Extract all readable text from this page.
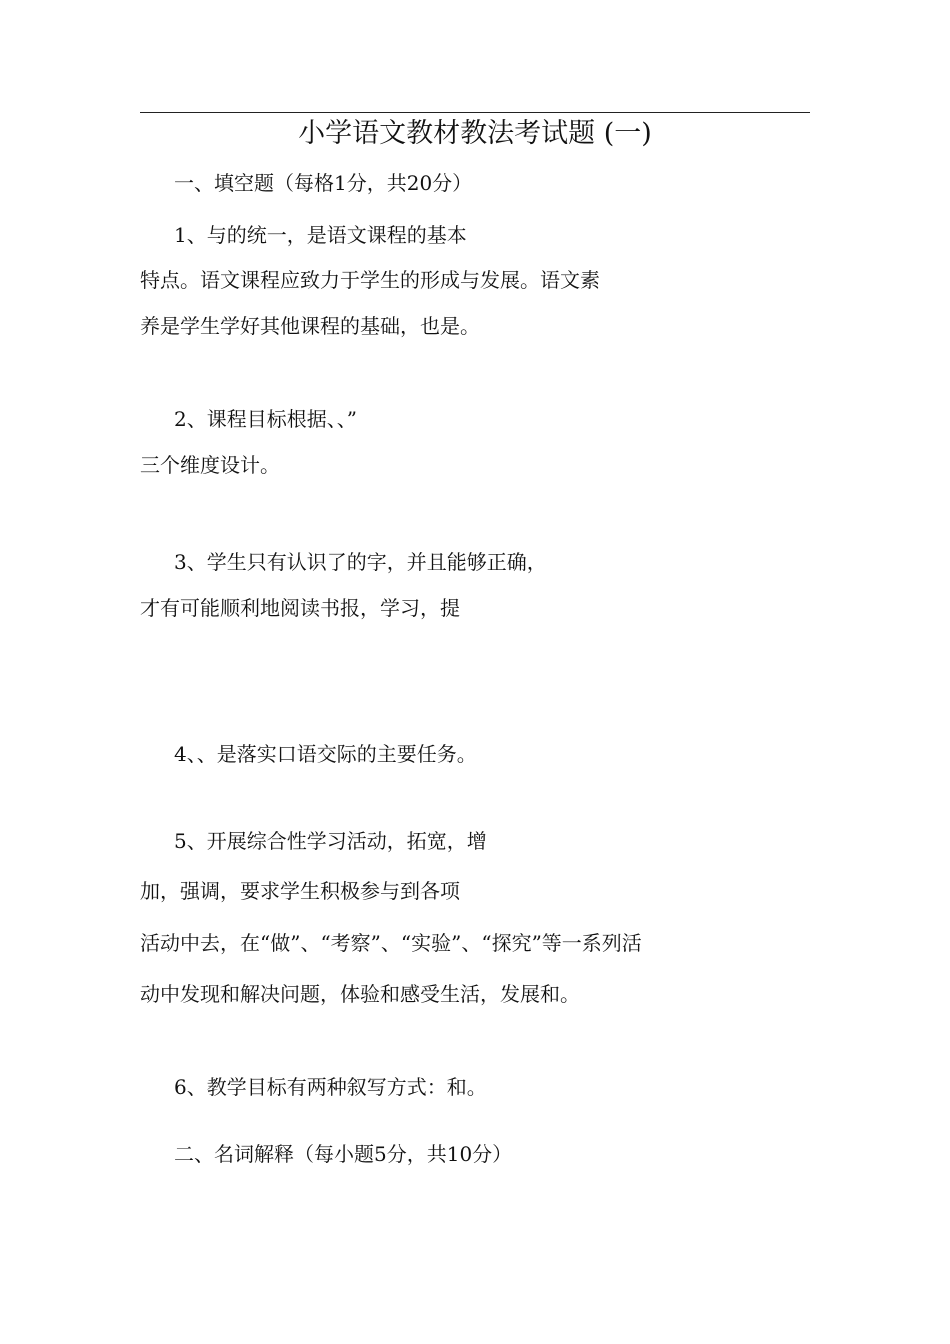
小学语文教材教法考试题 (一)
一、填空题（每格1分，共20分）
1、与的统一，是语文课程的基本
特点。语文课程应致力于学生的形成与发展。语文素
养是学生学好其他课程的基础，也是。
2、课程目标根据、、”
三个维度设计。
3、学生只有认识了的字，并且能够正确，
才有可能顺利地阅读书报，学习，提
4、、是落实口语交际的主要任务。
5、开展综合性学习活动，拓宽，增
加，强调，要求学生积极参与到各项
活动中去，在“做”、“考察”、“实验”、“探究”等一系列活
动中发现和解决问题，体验和感受生活，发展和。
6、教学目标有两种叙写方式：和。
二、名词解释（每小题5分，共10分）
